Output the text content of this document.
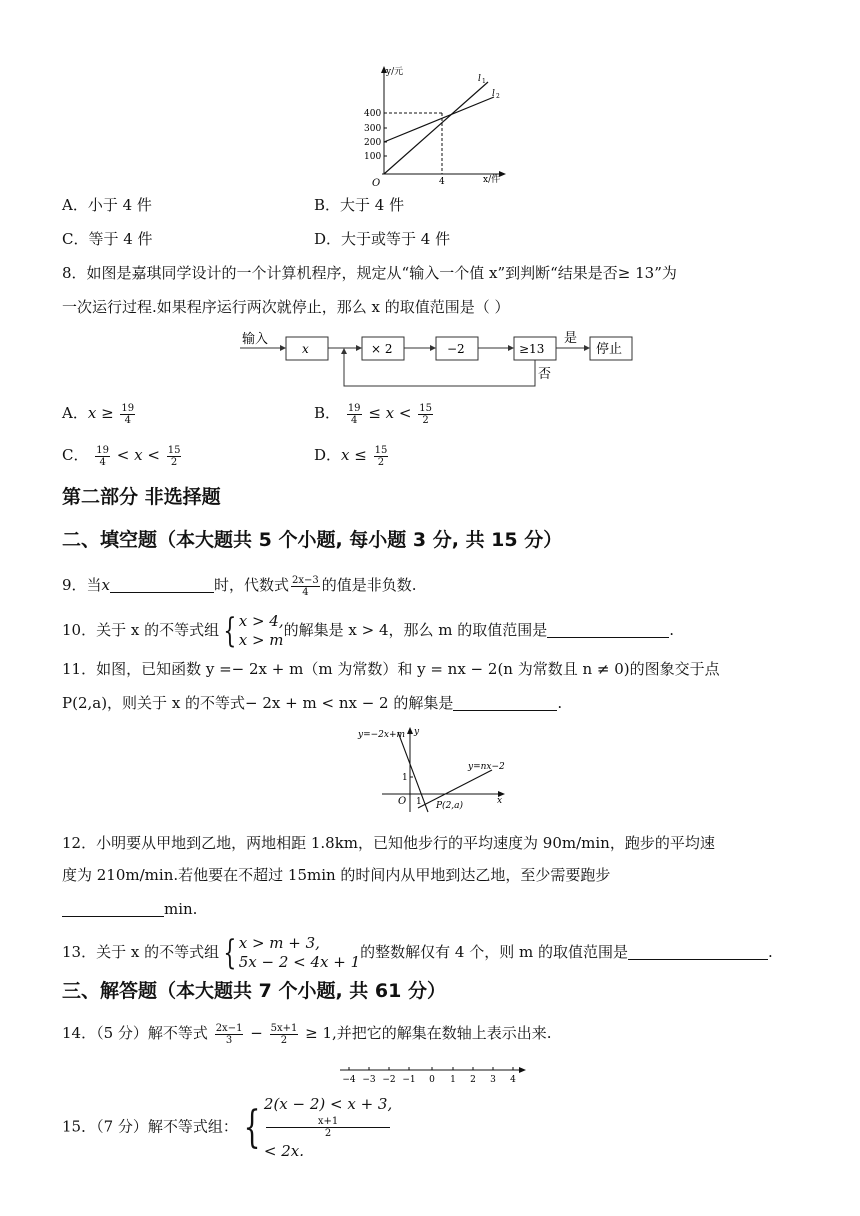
y/元
x/件
O
400
300
200
100
4
l 1
l 2
A．小于 4 件	B．大于 4 件
C．等于 4 件	D．大于或等于 4 件
8．如图是嘉琪同学设计的一个计算机程序，规定从“输入一个值 x”到判断“结果是否≥ 13”为
一次运行过程.如果程序运行两次就停止，那么 x 的取值范围是（ ）
输入
x	× 2	−2	≥13
是
停止
否
A．$x \ge \frac{19}{4}$	B． $\frac{19}{4} \le x < \frac{15}{2}$
C． $\frac{19}{4} < x < \frac{15}{2}$	D．$x \le \frac{15}{2}$
第二部分 非选择题
二、填空题（本大题共 5 个小题, 每小题 3 分, 共 15 分）
9．当x	时，代数式 $\frac{2x-3}{4}$ 的值是非负数.
10．关于 x 的不等式组 { x > 4,
x > m
的解集是 x > 4，那么 m 的取值范围是	.
11．如图，已知函数 y =− 2x + m（m 为常数）和 y = nx − 2(n 为常数且 n ≠ 0)的图象交于点
P(2,a)，则关于 x 的不等式− 2x + m < nx − 2 的解集是	.
y=−2x+m y
y=nx−2
x
O
1
1 P(2,a)
12．小明要从甲地到乙地，两地相距 1.8km，已知他步行的平均速度为 90m/min，跑步的平均速
度为 210m/min.若他要在不超过 15min 的时间内从甲地到达乙地，至少需要跑步
min.
13．关于 x 的不等式组 { x > m + 3,
5x − 2 < 4x + 1
的整数解仅有 4 个，则 m 的取值范围是	.
三、解答题（本大题共 7 个小题, 共 61 分）
14．（5 分）解不等式 $\frac{2x-1}{3} - \frac{5x+1}{2} \ge 1$,并把它的解集在数轴上表示出来.
−4 −3 −2 −1 0 1 2 3 4
15．（7 分）解不等式组： { 2(x − 2) < x + 3,
x+1
2
< 2x.
